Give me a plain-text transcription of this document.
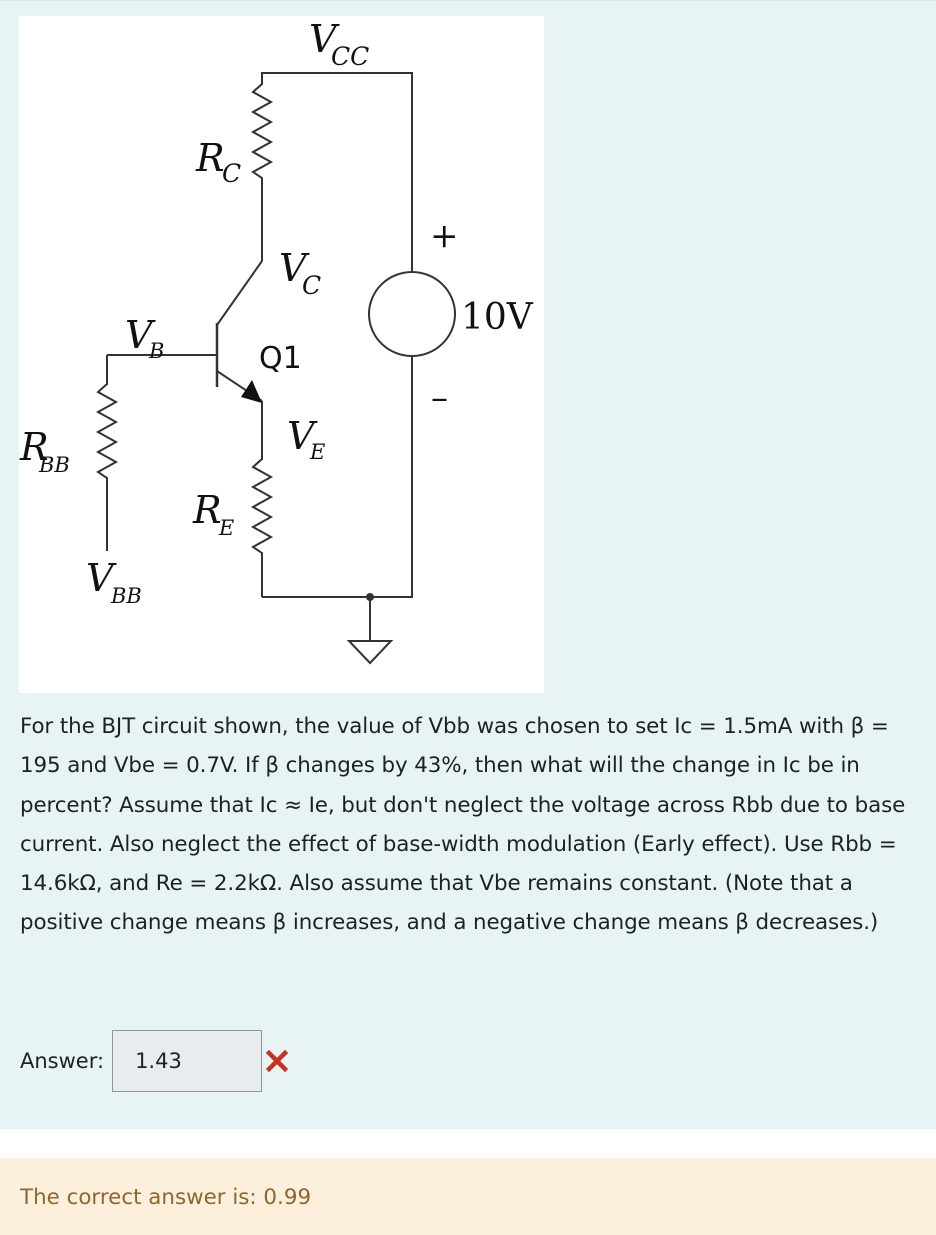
V
CC
R
C
V
C
Q1
V
B
V
E
R
BB
R
E
V
BB
+
–
10V
For the BJT circuit shown, the value of Vbb was chosen to set Ic = 1.5mA with β = 195 and Vbe = 0.7V. If β changes by 43%, then what will the change in Ic be in percent? Assume that Ic ≈ Ie, but don't neglect the voltage across Rbb due to base current. Also neglect the effect of base-width modulation (Early effect). Use Rbb = 14.6kΩ, and Re = 2.2kΩ. Also assume that Vbe remains constant. (Note that a positive change means β increases, and a negative change means β decreases.)
Answer: 1.43
The correct answer is: 0.99
